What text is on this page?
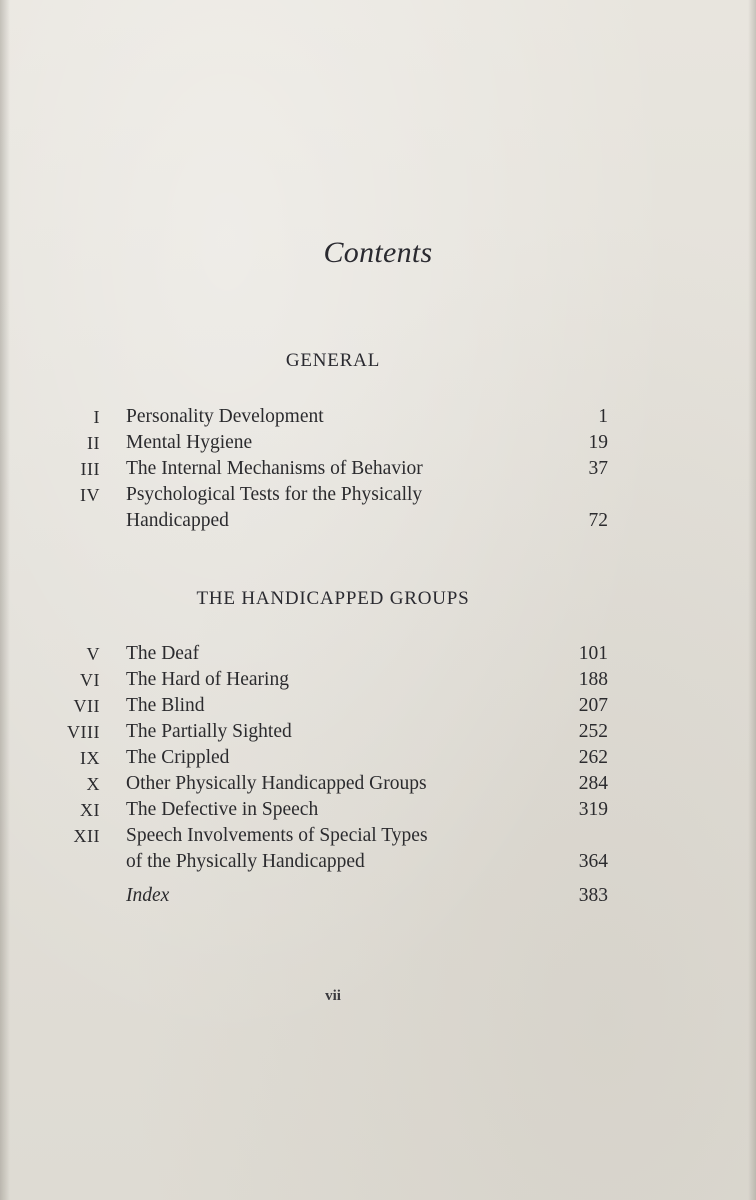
Contents
GENERAL
I Personality Development	1
II Mental Hygiene	19
III The Internal Mechanisms of Behavior	37
IV Psychological Tests for the Physically
Handicapped	72
THE HANDICAPPED GROUPS
V The Deaf	101
VI The Hard of Hearing	188
VII The Blind	207
VIII The Partially Sighted	252
IX The Crippled	262
X Other Physically Handicapped Groups	284
XI The Defective in Speech	319
XII Speech Involvements of Special Types
of the Physically Handicapped	364
Index	383
vii
